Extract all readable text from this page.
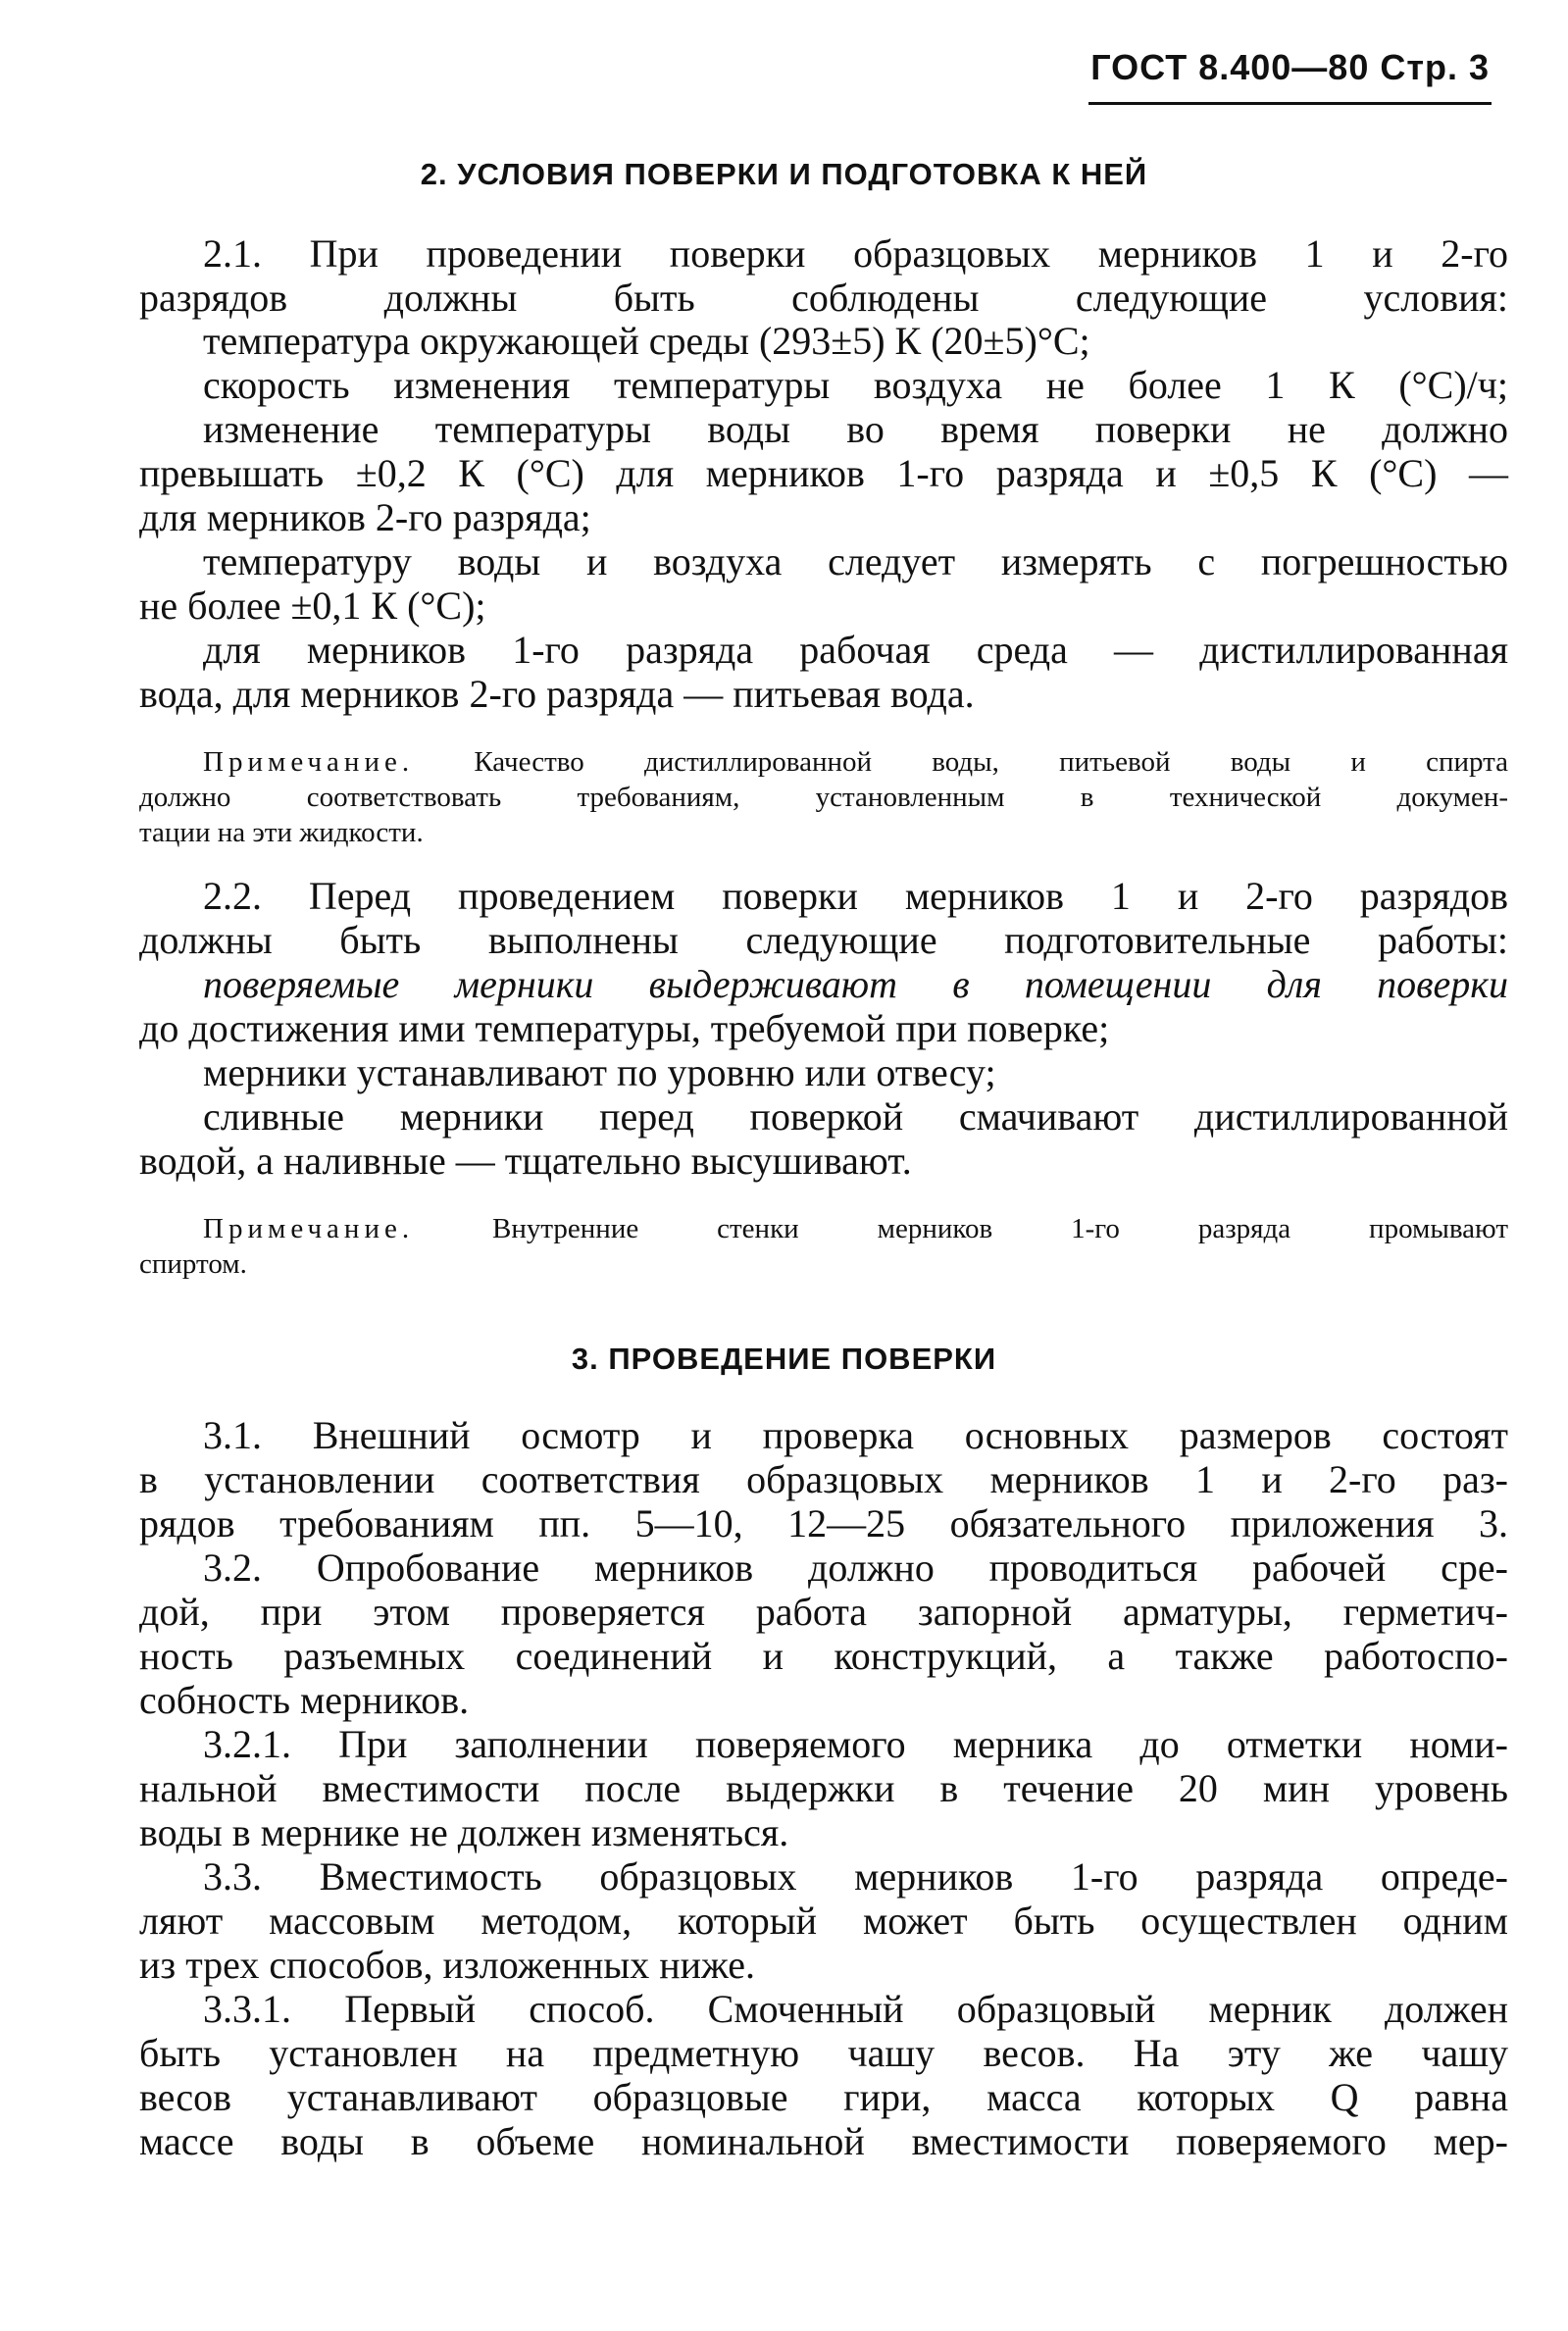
ГОСТ 8.400—80 Стр. 3
2. УСЛОВИЯ ПОВЕРКИ И ПОДГОТОВКА К НЕЙ
2.1. При проведении поверки образцовых мерников 1 и 2-го
разрядов должны быть соблюдены следующие условия:
температура окружающей среды (293±5) К (20±5)°С;
скорость изменения температуры воздуха не более 1 К (°С)/ч;
изменение температуры воды во время поверки не должно
превышать ±0,2 К (°С) для мерников 1-го разряда и ±0,5 К (°С) —
для мерников 2-го разряда;
температуру воды и воздуха следует измерять с погрешностью
не более ±0,1 К (°С);
для мерников 1-го разряда рабочая среда — дистиллированная
вода, для мерников 2-го разряда — питьевая вода.
Примечание. Качество дистиллированной воды, питьевой воды и спирта
должно соответствовать требованиям, установленным в технической докумен-
тации на эти жидкости.
2.2. Перед проведением поверки мерников 1 и 2-го разрядов
должны быть выполнены следующие подготовительные работы:
поверяемые мерники выдерживают в помещении для поверки
до достижения ими температуры, требуемой при поверке;
мерники устанавливают по уровню или отвесу;
сливные мерники перед поверкой смачивают дистиллированной
водой, а наливные — тщательно высушивают.
Примечание.	Внутренние стенки мерников 1-го разряда промывают
спиртом.
3. ПРОВЕДЕНИЕ ПОВЕРКИ
3.1. Внешний осмотр и проверка основных размеров состоят
в установлении соответствия образцовых мерников 1 и 2-го раз-
рядов требованиям пп. 5—10, 12—25 обязательного приложения 3.
3.2. Опробование мерников должно проводиться рабочей сре-
дой, при этом проверяется работа запорной арматуры, герметич-
ность разъемных соединений и конструкций, а также работоспо-
собность мерников.
3.2.1. При заполнении поверяемого мерника до отметки номи-
нальной вместимости после выдержки в течение 20 мин уровень
воды в мернике не должен изменяться.
3.3. Вместимость образцовых мерников 1-го разряда опреде-
ляют массовым методом, который может быть осуществлен одним
из трех способов, изложенных ниже.
3.3.1. Первый способ. Смоченный образцовый мерник должен
быть установлен на предметную чашу весов. На эту же чашу
весов устанавливают образцовые гири, масса которых Q равна
массе воды в объеме номинальной вместимости поверяемого мер-
